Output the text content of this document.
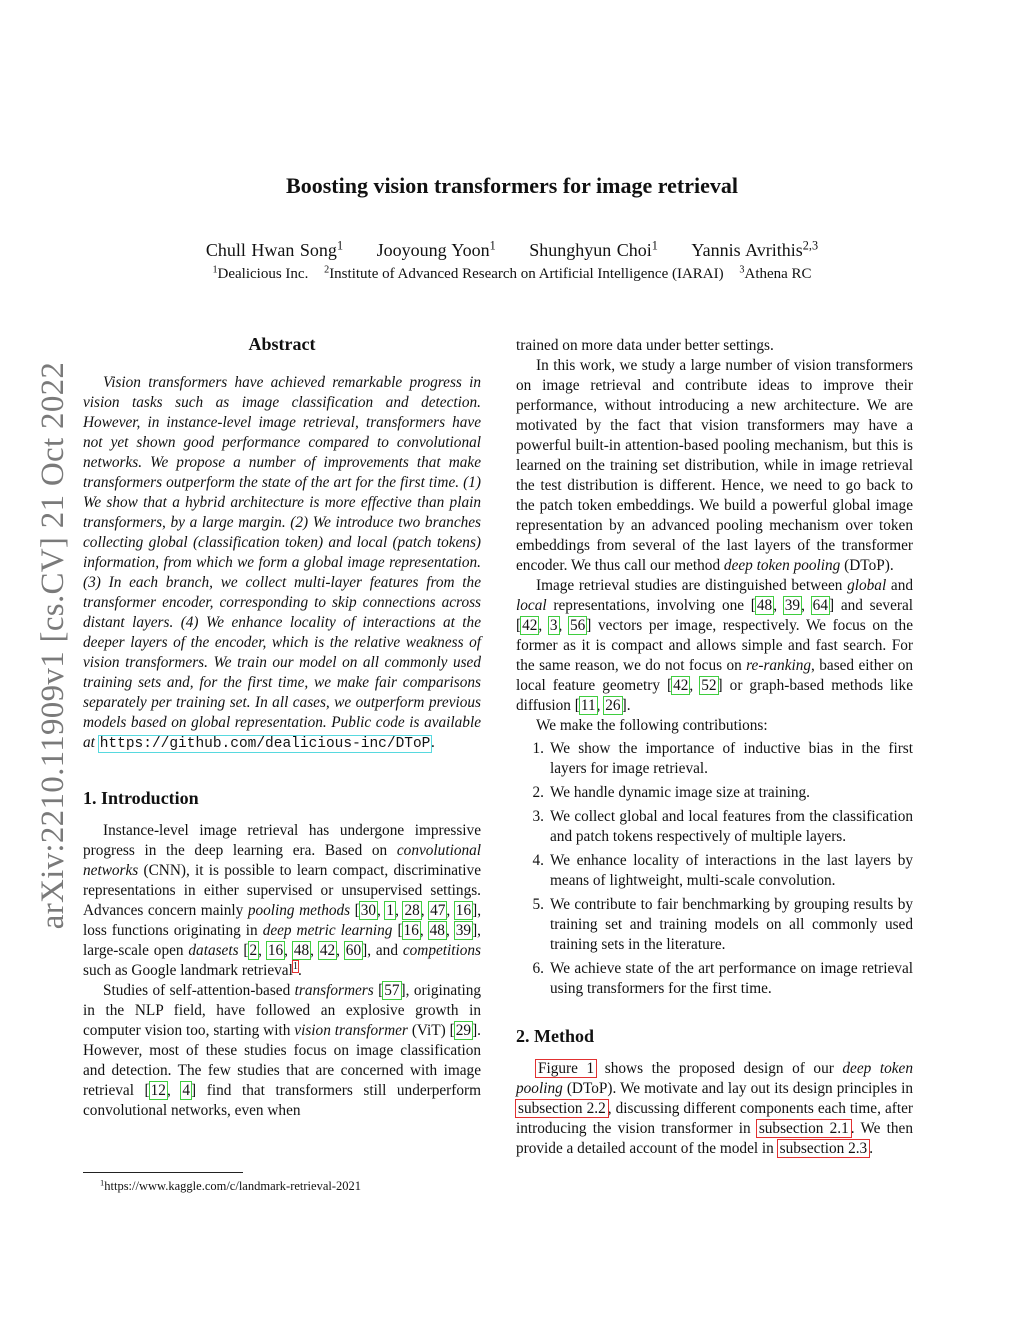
arXiv:2210.11909v1 [cs.CV] 21 Oct 2022
Boosting vision transformers for image retrieval
Chull Hwan Song$^1$ Jooyoung Yoon$^1$ Shunghyun Choi$^1$ Yannis Avrithis$^{2,3}$
$^1$Dealicious Inc. $^2$Institute of Advanced Research on Artificial Intelligence (IARAI) $^3$Athena RC
Abstract

Vision transformers have achieved remarkable progress in vision tasks such as image classification and detection. However, in instance-level image retrieval, transformers have not yet shown good performance compared to convolutional networks. We propose a number of improvements that make transformers outperform the state of the art for the first time. (1) We show that a hybrid architecture is more effective than plain transformers, by a large margin. (2) We introduce two branches collecting global (classification token) and local (patch tokens) information, from which we form a global image representation. (3) In each branch, we collect multi-layer features from the transformer encoder, corresponding to skip connections across distant layers. (4) We enhance locality of interactions at the deeper layers of the encoder, which is the relative weakness of vision transformers. We train our model on all commonly used training sets and, for the first time, we make fair comparisons separately per training set. In all cases, we outperform previous models based on global representation. Public code is available at https://github.com/dealicious-inc/DToP.

1. Introduction

Instance-level image retrieval has undergone impressive progress in the deep learning era. Based on convolutional networks (CNN), it is possible to learn compact, discriminative representations in either supervised or unsupervised settings. Advances concern mainly pooling methods [30, 1, 28, 47, 16], loss functions originating in deep metric learning [16, 48, 39], large-scale open datasets [2, 16, 48, 42, 60], and competitions such as Google landmark retrieval$^1$.

Studies of self-attention-based transformers [57], originating in the NLP field, have followed an explosive growth in computer vision too, starting with vision transformer (ViT) [29]. However, most of these studies focus on image classification and detection. The few studies that are concerned with image retrieval [12, 4] find that transformers still underperform convolutional networks, even when

$^1$https://www.kaggle.com/c/landmark-retrieval-2021

trained on more data under better settings.

In this work, we study a large number of vision transformers on image retrieval and contribute ideas to improve their performance, without introducing a new architecture. We are motivated by the fact that vision transformers may have a powerful built-in attention-based pooling mechanism, but this is learned on the training set distribution, while in image retrieval the test distribution is different. Hence, we need to go back to the patch token embeddings. We build a powerful global image representation by an advanced pooling mechanism over token embeddings from several of the last layers of the transformer encoder. We thus call our method deep token pooling (DToP).

Image retrieval studies are distinguished between global and local representations, involving one [48, 39, 64] and several [42, 3, 56] vectors per image, respectively. We focus on the former as it is compact and allows simple and fast search. For the same reason, we do not focus on re-ranking, based either on local feature geometry [42, 52] or graph-based methods like diffusion [11, 26].

We make the following contributions:

1. We show the importance of inductive bias in the first layers for image retrieval.
2. We handle dynamic image size at training.
3. We collect global and local features from the classification and patch tokens respectively of multiple layers.
4. We enhance locality of interactions in the last layers by means of lightweight, multi-scale convolution.
5. We contribute to fair benchmarking by grouping results by training set and training models on all commonly used training sets in the literature.
6. We achieve state of the art performance on image retrieval using transformers for the first time.
2. Method

Figure 1 shows the proposed design of our deep token pooling (DToP). We motivate and lay out its design principles in subsection 2.2 , discussing different components each time, after introducing the vision transformer in subsection 2.1 . We then provide a detailed account of the model in subsection 2.3 .
